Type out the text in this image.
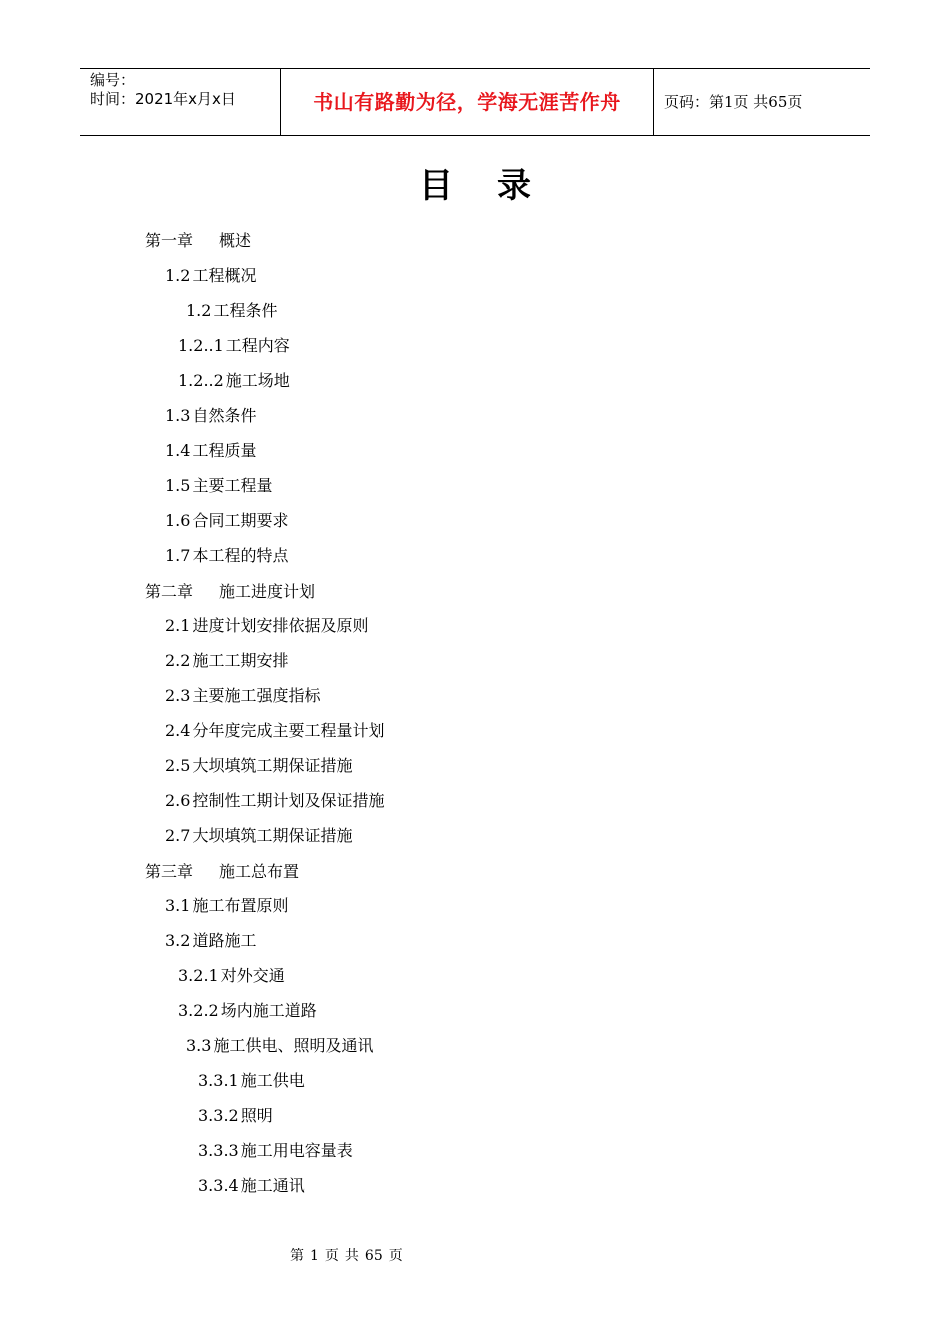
编号：
时间：2021年x月x日	书山有路勤为径，学海无涯苦作舟	页码：第1页 共65页
目录
第一章 概述
1.2 工程概况
1.2 工程条件
1.2..1 工程内容
1.2..2 施工场地
1.3 自然条件
1.4 工程质量
1.5 主要工程量
1.6 合同工期要求
1.7 本工程的特点
第二章 施工进度计划
2.1 进度计划安排依据及原则
2.2 施工工期安排
2.3 主要施工强度指标
2.4 分年度完成主要工程量计划
2.5 大坝填筑工期保证措施
2.6 控制性工期计划及保证措施
2.7 大坝填筑工期保证措施
第三章 施工总布置
3.1 施工布置原则
3.2 道路施工
3.2.1 对外交通
3.2.2 场内施工道路
3.3 施工供电、照明及通讯
3.3.1 施工供电
3.3.2 照明
3.3.3 施工用电容量表
3.3.4 施工通讯
第 1 页 共 65 页
